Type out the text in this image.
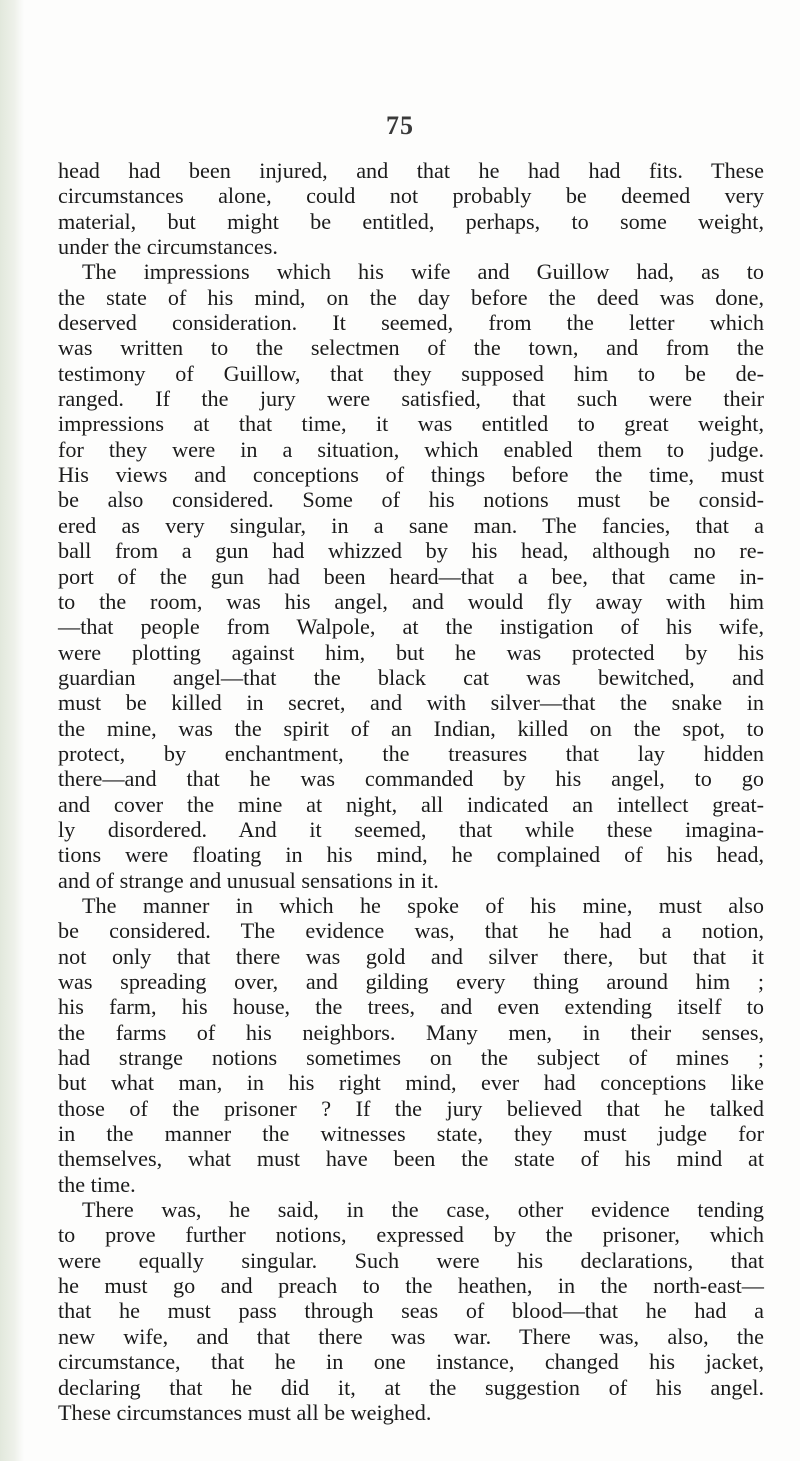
75
head had been injured, and that he had had fits. These
circumstances alone, could not probably be deemed very
material, but might be entitled, perhaps, to some weight,
under the circumstances.
The impressions which his wife and Guillow had, as to
the state of his mind, on the day before the deed was done,
deserved consideration. It seemed, from the letter which
was written to the selectmen of the town, and from the
testimony of Guillow, that they supposed him to be de-
ranged. If the jury were satisfied, that such were their
impressions at that time, it was entitled to great weight,
for they were in a situation, which enabled them to judge.
His views and conceptions of things before the time, must
be also considered. Some of his notions must be consid-
ered as very singular, in a sane man. The fancies, that a
ball from a gun had whizzed by his head, although no re-
port of the gun had been heard—that a bee, that came in-
to the room, was his angel, and would fly away with him
—that people from Walpole, at the instigation of his wife,
were plotting against him, but he was protected by his
guardian angel—that the black cat was bewitched, and
must be killed in secret, and with silver—that the snake in
the mine, was the spirit of an Indian, killed on the spot, to
protect, by enchantment, the treasures that lay hidden
there—and that he was commanded by his angel, to go
and cover the mine at night, all indicated an intellect great-
ly disordered. And it seemed, that while these imagina-
tions were floating in his mind, he complained of his head,
and of strange and unusual sensations in it.
The manner in which he spoke of his mine, must also
be considered. The evidence was, that he had a notion,
not only that there was gold and silver there, but that it
was spreading over, and gilding every thing around him ;
his farm, his house, the trees, and even extending itself to
the farms of his neighbors. Many men, in their senses,
had strange notions sometimes on the subject of mines ;
but what man, in his right mind, ever had conceptions like
those of the prisoner ? If the jury believed that he talked
in the manner the witnesses state, they must judge for
themselves, what must have been the state of his mind at
the time.
There was, he said, in the case, other evidence tending
to prove further notions, expressed by the prisoner, which
were equally singular. Such were his declarations, that
he must go and preach to the heathen, in the north-east—
that he must pass through seas of blood—that he had a
new wife, and that there was war. There was, also, the
circumstance, that he in one instance, changed his jacket,
declaring that he did it, at the suggestion of his angel.
These circumstances must all be weighed.
